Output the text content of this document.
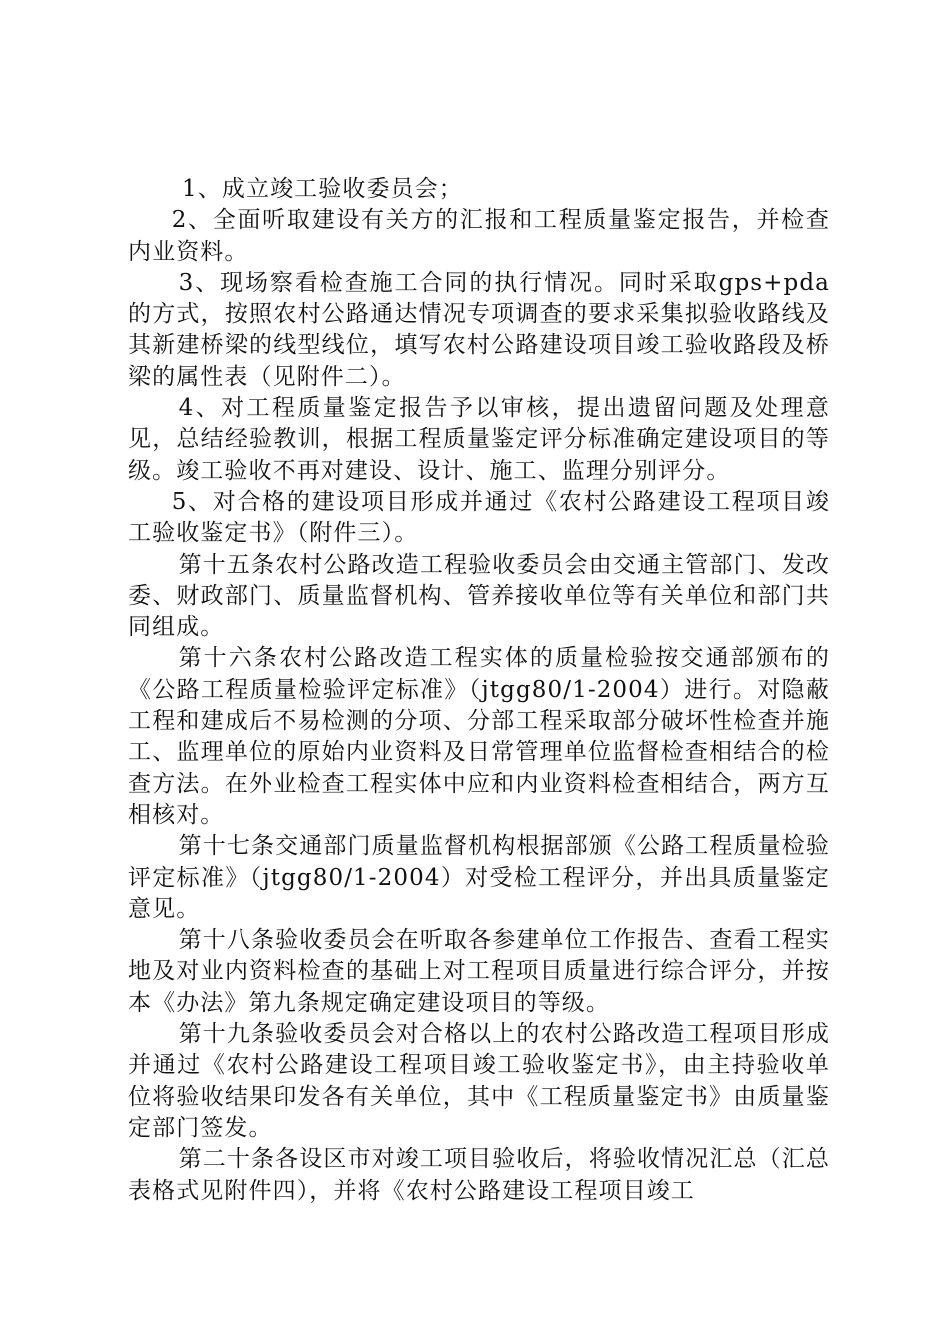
1、成立竣工验收委员会；

2、全面听取建设有关方的汇报和工程质量鉴定报告，并检查内业资料。

3、现场察看检查施工合同的执行情况。同时采取gps+pda的方式，按照农村公路通达情况专项调查的要求采集拟验收路线及其新建桥梁的线型线位，填写农村公路建设项目竣工验收路段及桥梁的属性表（见附件二）。

4、对工程质量鉴定报告予以审核，提出遗留问题及处理意见，总结经验教训，根据工程质量鉴定评分标准确定建设项目的等级。竣工验收不再对建设、设计、施工、监理分别评分。

5、对合格的建设项目形成并通过《农村公路建设工程项目竣工验收鉴定书》（附件三）。

第十五条农村公路改造工程验收委员会由交通主管部门、发改委、财政部门、质量监督机构、管养接收单位等有关单位和部门共同组成。

第十六条农村公路改造工程实体的质量检验按交通部颁布的《公路工程质量检验评定标准》（jtgg80/1-2004）进行。对隐蔽工程和建成后不易检测的分项、分部工程采取部分破坏性检查并施工、监理单位的原始内业资料及日常管理单位监督检查相结合的检查方法。在外业检查工程实体中应和内业资料检查相结合，两方互相核对。

第十七条交通部门质量监督机构根据部颁《公路工程质量检验评定标准》（jtgg80/1-2004）对受检工程评分，并出具质量鉴定意见。

第十八条验收委员会在听取各参建单位工作报告、查看工程实地及对业内资料检查的基础上对工程项目质量进行综合评分，并按本《办法》第九条规定确定建设项目的等级。

第十九条验收委员会对合格以上的农村公路改造工程项目形成并通过《农村公路建设工程项目竣工验收鉴定书》，由主持验收单位将验收结果印发各有关单位，其中《工程质量鉴定书》由质量鉴定部门签发。

第二十条各设区市对竣工项目验收后，将验收情况汇总（汇总表格式见附件四），并将《农村公路建设工程项目竣工
